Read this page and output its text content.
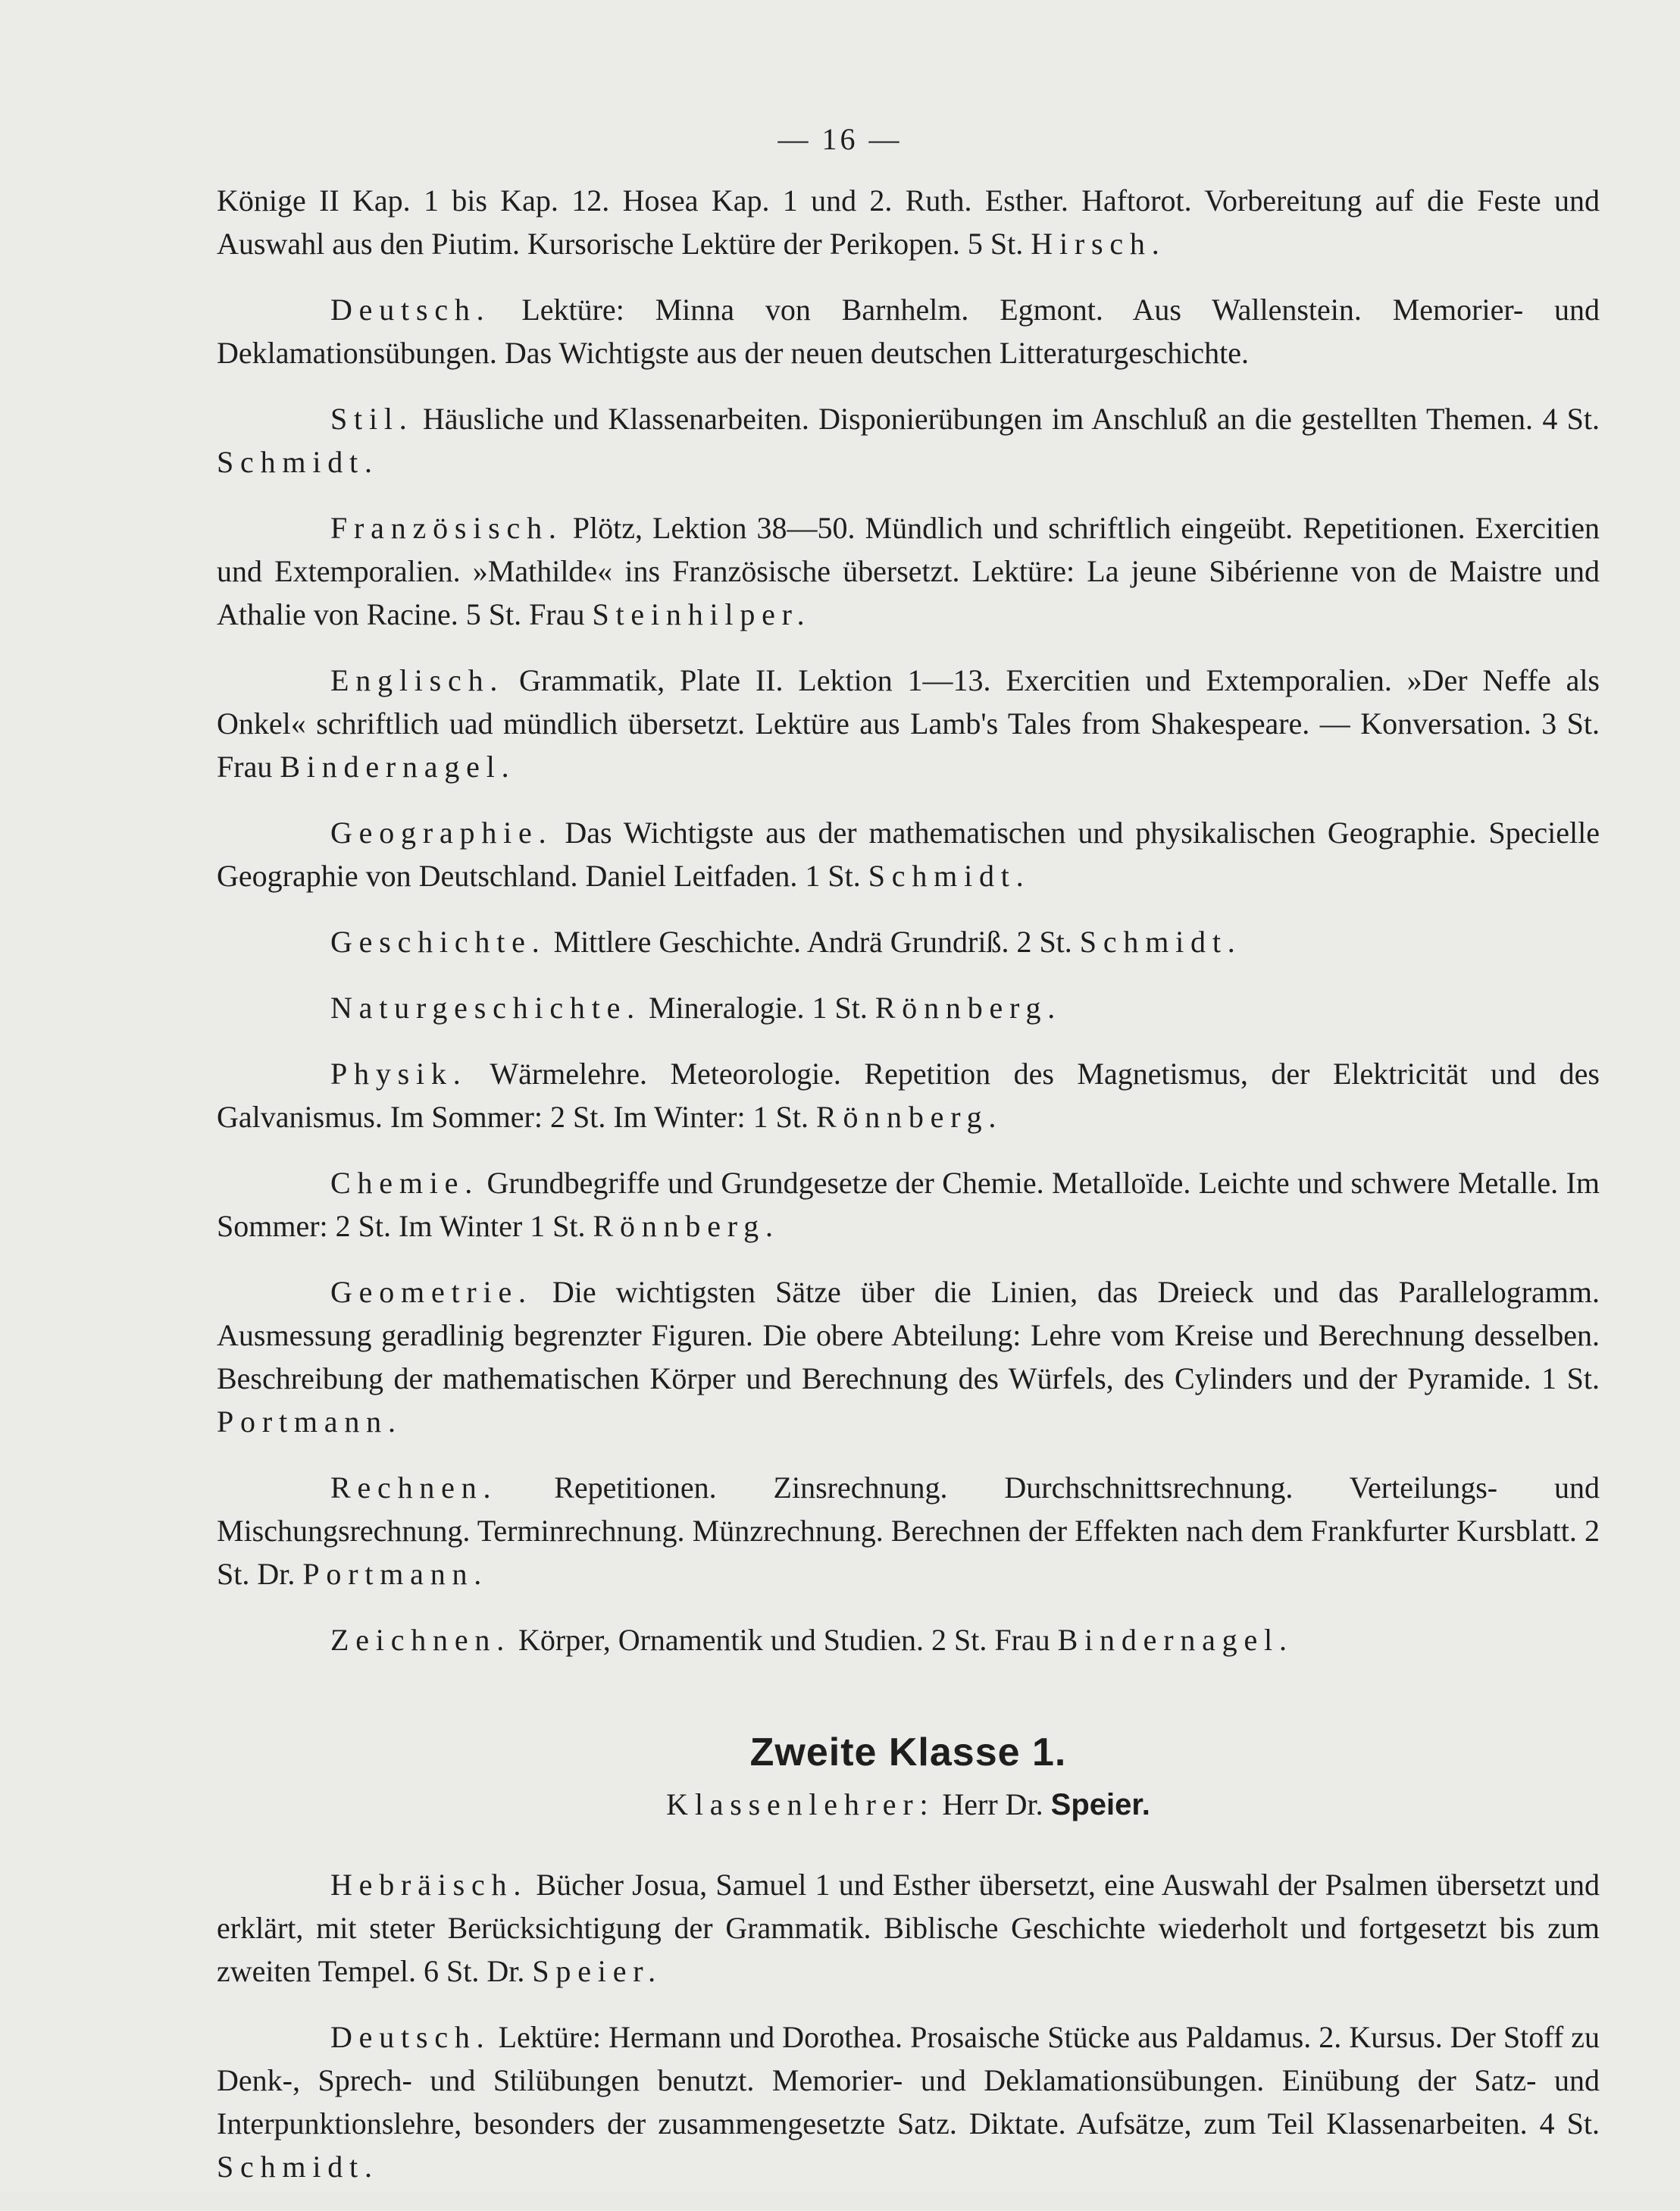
— 16 —

Könige II Kap. 1 bis Kap. 12. Hosea Kap. 1 und 2. Ruth. Esther. Haftorot. Vorbereitung auf die Feste und Auswahl aus den Piutim. Kursorische Lektüre der Perikopen. 5 St. Hirsch.

Deutsch. Lektüre: Minna von Barnhelm. Egmont. Aus Wallenstein. Memorier- und Deklamationsübungen. Das Wichtigste aus der neuen deutschen Litteraturgeschichte.

Stil. Häusliche und Klassenarbeiten. Disponierübungen im Anschluß an die gestellten Themen. 4 St. Schmidt.

Französisch. Plötz, Lektion 38—50. Mündlich und schriftlich eingeübt. Repetitionen. Exercitien und Extemporalien. »Mathilde« ins Französische übersetzt. Lektüre: La jeune Sibérienne von de Maistre und Athalie von Racine. 5 St. Frau Steinhilper.

Englisch. Grammatik, Plate II. Lektion 1—13. Exercitien und Extemporalien. »Der Neffe als Onkel« schriftlich uad mündlich übersetzt. Lektüre aus Lamb's Tales from Shakespeare. — Konversation. 3 St. Frau Bindernagel.

Geographie. Das Wichtigste aus der mathematischen und physikalischen Geographie. Specielle Geographie von Deutschland. Daniel Leitfaden. 1 St. Schmidt.

Geschichte. Mittlere Geschichte. Andrä Grundriß. 2 St. Schmidt.

Naturgeschichte. Mineralogie. 1 St. Rönnberg.

Physik. Wärmelehre. Meteorologie. Repetition des Magnetismus, der Elektricität und des Galvanismus. Im Sommer: 2 St. Im Winter: 1 St. Rönnberg.

Chemie. Grundbegriffe und Grundgesetze der Chemie. Metalloïde. Leichte und schwere Metalle. Im Sommer: 2 St. Im Winter 1 St. Rönnberg.

Geometrie. Die wichtigsten Sätze über die Linien, das Dreieck und das Parallelogramm. Ausmessung geradlinig begrenzter Figuren. Die obere Abteilung: Lehre vom Kreise und Berechnung desselben. Beschreibung der mathematischen Körper und Berechnung des Würfels, des Cylinders und der Pyramide. 1 St. Portmann.

Rechnen. Repetitionen. Zinsrechnung. Durchschnittsrechnung. Verteilungs- und Mischungsrechnung. Terminrechnung. Münzrechnung. Berechnen der Effekten nach dem Frankfurter Kursblatt. 2 St. Dr. Portmann.

Zeichnen. Körper, Ornamentik und Studien. 2 St. Frau Bindernagel.

Zweite Klasse 1.
Klassenlehrer: Herr Dr. Speier.

Hebräisch. Bücher Josua, Samuel 1 und Esther übersetzt, eine Auswahl der Psalmen übersetzt und erklärt, mit steter Berücksichtigung der Grammatik. Biblische Geschichte wiederholt und fortgesetzt bis zum zweiten Tempel. 6 St. Dr. Speier.

Deutsch. Lektüre: Hermann und Dorothea. Prosaische Stücke aus Paldamus. 2. Kursus. Der Stoff zu Denk-, Sprech- und Stilübungen benutzt. Memorier- und Deklamationsübungen. Einübung der Satz- und Interpunktionslehre, besonders der zusammengesetzte Satz. Diktate. Aufsätze, zum Teil Klassenarbeiten. 4 St. Schmidt.
